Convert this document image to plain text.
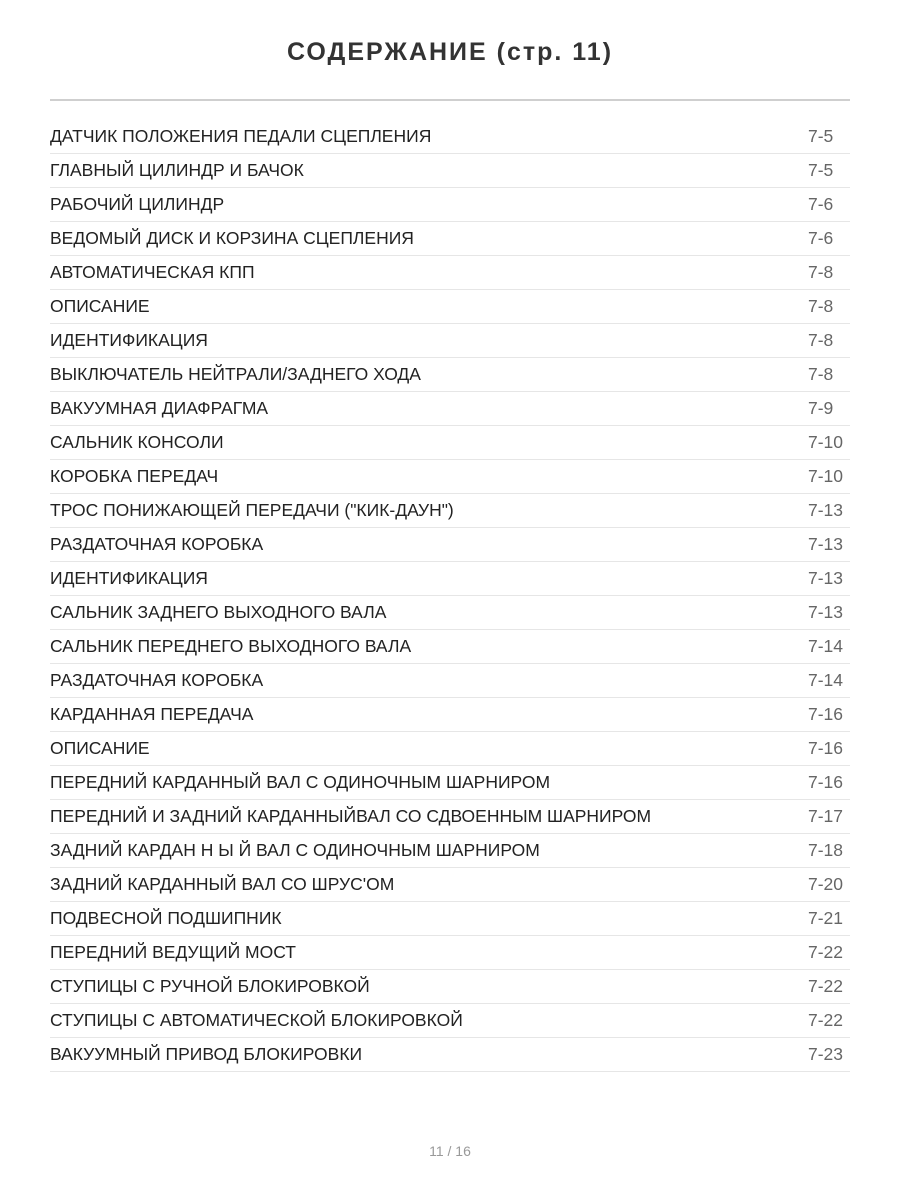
СОДЕРЖАНИЕ (стр. 11)
ДАТЧИК ПОЛОЖЕНИЯ ПЕДАЛИ СЦЕПЛЕНИЯ	7-5
ГЛАВНЫЙ ЦИЛИНДР И БАЧОК	7-5
РАБОЧИЙ ЦИЛИНДР	7-6
ВЕДОМЫЙ ДИСК И КОРЗИНА СЦЕПЛЕНИЯ	7-6
АВТОМАТИЧЕСКАЯ КПП	7-8
ОПИСАНИЕ	7-8
ИДЕНТИФИКАЦИЯ	7-8
ВЫКЛЮЧАТЕЛЬ НЕЙТРАЛИ/ЗАДНЕГО ХОДА	7-8
ВАКУУМНАЯ ДИАФРАГМА	7-9
САЛЬНИК КОНСОЛИ	7-10
КОРОБКА ПЕРЕДАЧ	7-10
ТРОС ПОНИЖАЮЩЕЙ ПЕРЕДАЧИ ("КИК-ДАУН")	7-13
РАЗДАТОЧНАЯ КОРОБКА	7-13
ИДЕНТИФИКАЦИЯ	7-13
САЛЬНИК ЗАДНЕГО ВЫХОДНОГО ВАЛА	7-13
САЛЬНИК ПЕРЕДНЕГО ВЫХОДНОГО ВАЛА	7-14
РАЗДАТОЧНАЯ КОРОБКА	7-14
КАРДАННАЯ ПЕРЕДАЧА	7-16
ОПИСАНИЕ	7-16
ПЕРЕДНИЙ КАРДАННЫЙ ВАЛ С ОДИНОЧНЫМ ШАРНИРОМ	7-16
ПЕРЕДНИЙ И ЗАДНИЙ КАРДАННЫЙВАЛ СО СДВОЕННЫМ ШАРНИРОМ	7-17
ЗАДНИЙ КАРДАН Н Ы Й ВАЛ С ОДИНОЧНЫМ ШАРНИРОМ	7-18
ЗАДНИЙ КАРДАННЫЙ ВАЛ СО ШРУС'ОМ	7-20
ПОДВЕСНОЙ ПОДШИПНИК	7-21
ПЕРЕДНИЙ ВЕДУЩИЙ МОСТ	7-22
СТУПИЦЫ С РУЧНОЙ БЛОКИРОВКОЙ	7-22
СТУПИЦЫ С АВТОМАТИЧЕСКОЙ БЛОКИРОВКОЙ	7-22
ВАКУУМНЫЙ ПРИВОД БЛОКИРОВКИ	7-23
11 / 16
